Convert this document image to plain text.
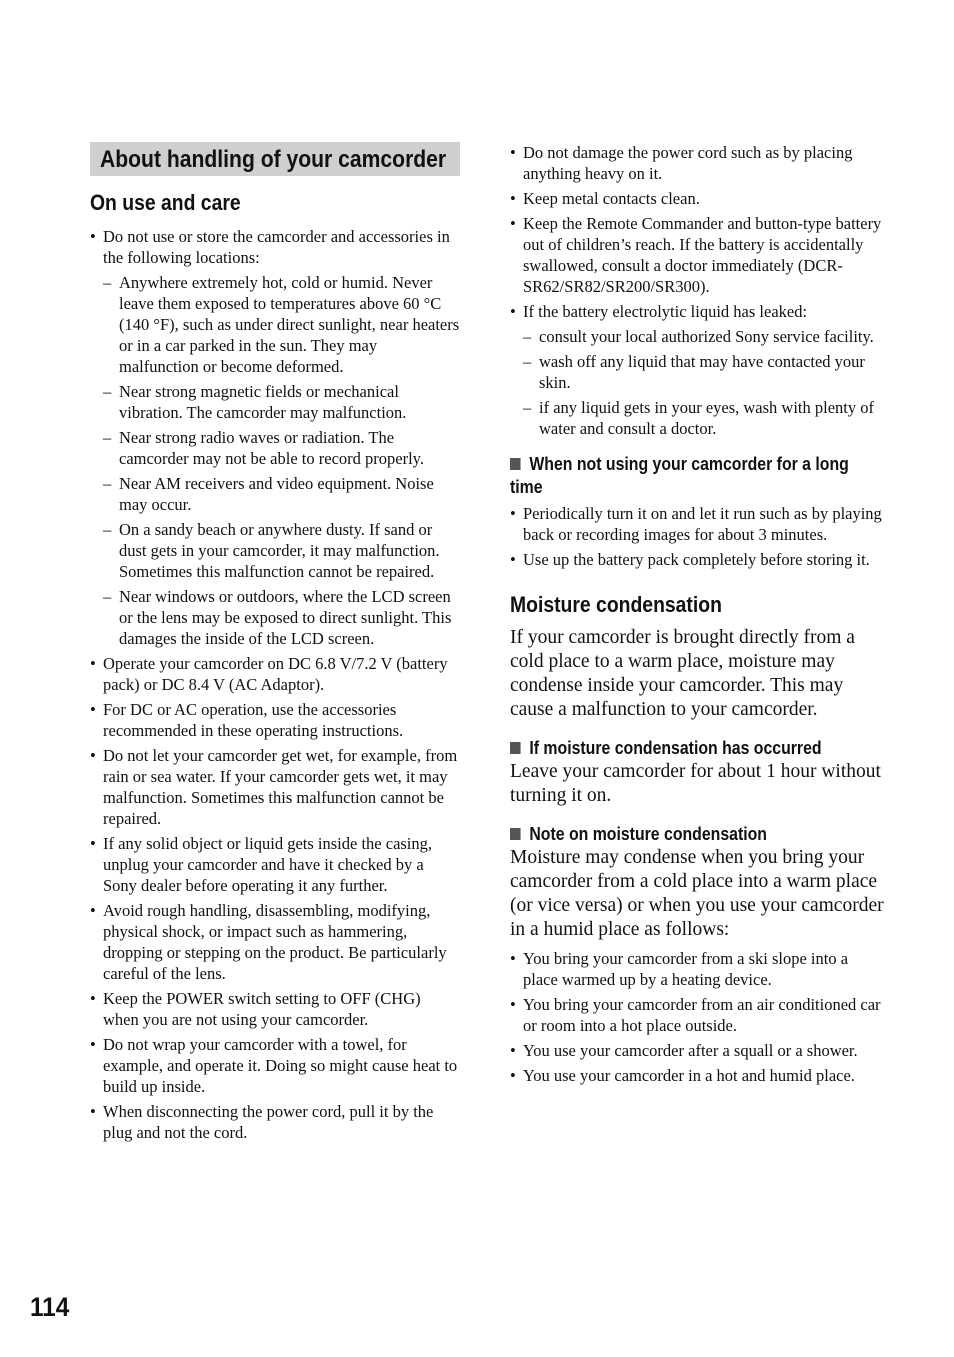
About handling of your camcorder
On use and care
• Do not use or store the camcorder and accessories in the following locations:
– Anywhere extremely hot, cold or humid. Never leave them exposed to temperatures above 60 °C (140 °F), such as under direct sunlight, near heaters or in a car parked in the sun. They may malfunction or become deformed.
– Near strong magnetic fields or mechanical vibration. The camcorder may malfunction.
– Near strong radio waves or radiation. The camcorder may not be able to record properly.
– Near AM receivers and video equipment. Noise may occur.
– On a sandy beach or anywhere dusty. If sand or dust gets in your camcorder, it may malfunction. Sometimes this malfunction cannot be repaired.
– Near windows or outdoors, where the LCD screen or the lens may be exposed to direct sunlight. This damages the inside of the LCD screen.
• Operate your camcorder on DC 6.8 V/7.2 V (battery pack) or DC 8.4 V (AC Adaptor).
• For DC or AC operation, use the accessories recommended in these operating instructions.
• Do not let your camcorder get wet, for example, from rain or sea water. If your camcorder gets wet, it may malfunction. Sometimes this malfunction cannot be repaired.
• If any solid object or liquid gets inside the casing, unplug your camcorder and have it checked by a Sony dealer before operating it any further.
• Avoid rough handling, disassembling, modifying, physical shock, or impact such as hammering, dropping or stepping on the product. Be particularly careful of the lens.
• Keep the POWER switch setting to OFF (CHG) when you are not using your camcorder.
• Do not wrap your camcorder with a towel, for example, and operate it. Doing so might cause heat to build up inside.
• When disconnecting the power cord, pull it by the plug and not the cord.
• Do not damage the power cord such as by placing anything heavy on it.
• Keep metal contacts clean.
• Keep the Remote Commander and button-type battery out of children’s reach. If the battery is accidentally swallowed, consult a doctor immediately (DCR-SR62/SR82/SR200/SR300).
• If the battery electrolytic liquid has leaked:
– consult your local authorized Sony service facility.
– wash off any liquid that may have contacted your skin.
– if any liquid gets in your eyes, wash with plenty of water and consult a doctor.
When not using your camcorder for a long time
• Periodically turn it on and let it run such as by playing back or recording images for about 3 minutes.
• Use up the battery pack completely before storing it.
Moisture condensation

If your camcorder is brought directly from a cold place to a warm place, moisture may condense inside your camcorder. This may cause a malfunction to your camcorder.

If moisture condensation has occurred

Leave your camcorder for about 1 hour without turning it on.

Note on moisture condensation

Moisture may condense when you bring your camcorder from a cold place into a warm place (or vice versa) or when you use your camcorder in a humid place as follows:

• You bring your camcorder from a ski slope into a place warmed up by a heating device.
• You bring your camcorder from an air conditioned car or room into a hot place outside.
• You use your camcorder after a squall or a shower.
• You use your camcorder in a hot and humid place.
114
